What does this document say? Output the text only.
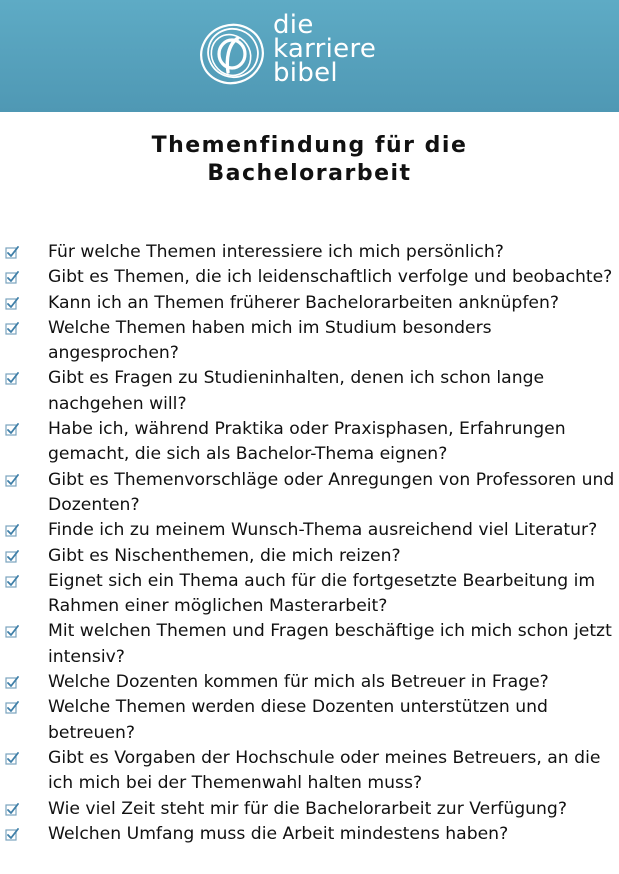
die
karriere
bibel
Themenfindung für die
Bachelorarbeit
Für welche Themen interessiere ich mich persönlich?
Gibt es Themen, die ich leidenschaftlich verfolge und beobachte?
Kann ich an Themen früherer Bachelorarbeiten anknüpfen?
Welche Themen haben mich im Studium besonders angesprochen?
Gibt es Fragen zu Studieninhalten, denen ich schon lange nachgehen will?
Habe ich, während Praktika oder Praxisphasen, Erfahrungen gemacht, die sich als Bachelor-Thema eignen?
Gibt es Themenvorschläge oder Anregungen von Professoren und Dozenten?
Finde ich zu meinem Wunsch-Thema ausreichend viel Literatur?
Gibt es Nischenthemen, die mich reizen?
Eignet sich ein Thema auch für die fortgesetzte Bearbeitung im Rahmen einer möglichen Masterarbeit?
Mit welchen Themen und Fragen beschäftige ich mich schon jetzt intensiv?
Welche Dozenten kommen für mich als Betreuer in Frage?
Welche Themen werden diese Dozenten unterstützen und betreuen?
Gibt es Vorgaben der Hochschule oder meines Betreuers, an die ich mich bei der Themenwahl halten muss?
Wie viel Zeit steht mir für die Bachelorarbeit zur Verfügung?
Welchen Umfang muss die Arbeit mindestens haben?
